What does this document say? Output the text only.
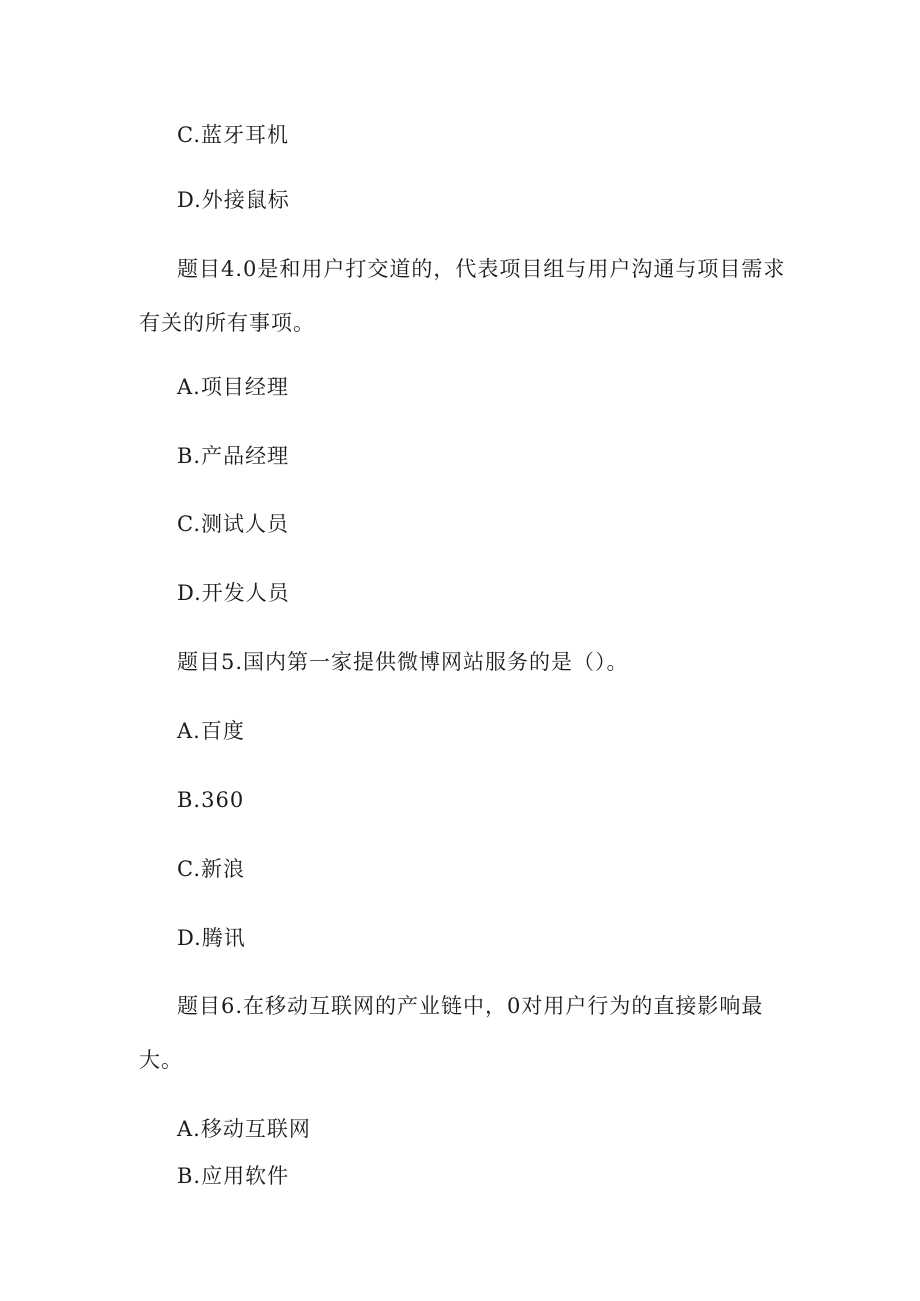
C.蓝牙耳机
D.外接鼠标
题目4.0是和用户打交道的，代表项目组与用户沟通与项目需求
有关的所有事项。
A.项目经理
B.产品经理
C.测试人员
D.开发人员
题目5.国内第一家提供微博网站服务的是（）。
A.百度
B.360
C.新浪
D.腾讯
题目6.在移动互联网的产业链中，0对用户行为的直接影响最
大。
A.移动互联网
B.应用软件
